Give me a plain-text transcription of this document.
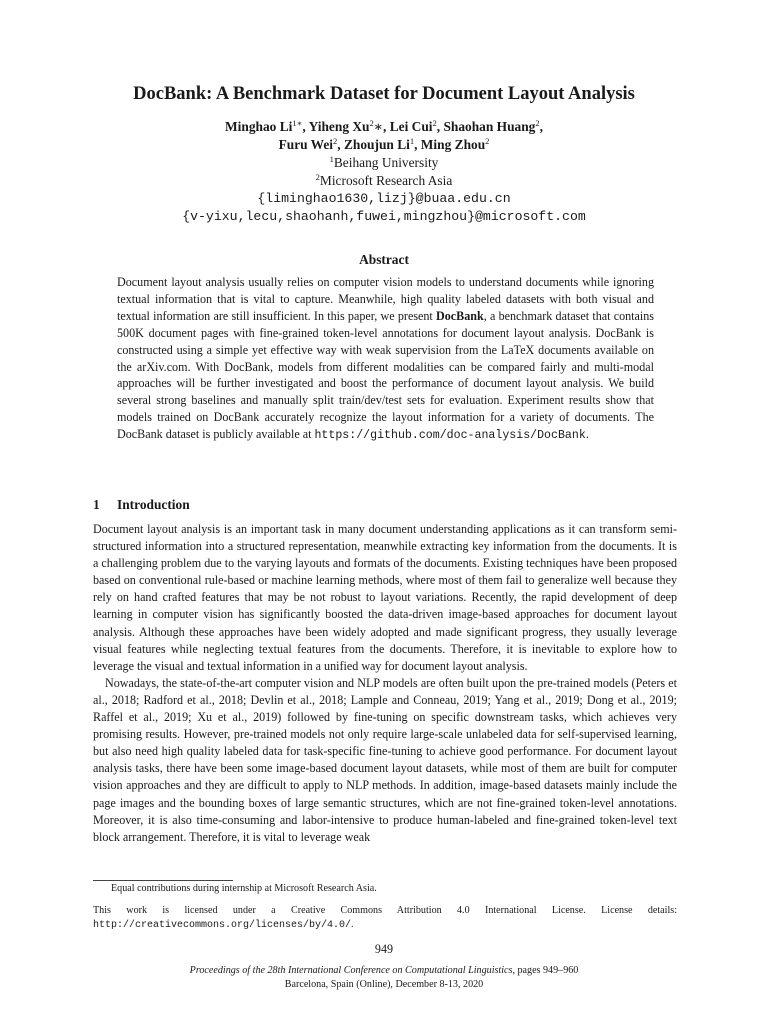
DocBank: A Benchmark Dataset for Document Layout Analysis
Minghao $Li^{1∗}$, Yiheng Xu$^2$∗, Lei Cui$^2$, Shaohan Huang$^2$,
Furu Wei$^2$, Zhoujun Li$^1$, Ming Zhou$^2$
$^1$Beihang University
$^2$Microsoft Research Asia
{liminghao1630,lizj}@buaa.edu.cn
{v-yixu,lecu,shaohanh,fuwei,mingzhou}@microsoft.com
Abstract
Document layout analysis usually relies on computer vision models to understand documents while ignoring textual information that is vital to capture. Meanwhile, high quality labeled datasets with both visual and textual information are still insufficient. In this paper, we present DocBank, a benchmark dataset that contains 500K document pages with fine-grained token-level annotations for document layout analysis. DocBank is constructed using a simple yet effective way with weak supervision from the LaTeX documents available on the arXiv.com. With DocBank, models from different modalities can be compared fairly and multi-modal approaches will be further investigated and boost the performance of document layout analysis. We build several strong baselines and manually split train/dev/test sets for evaluation. Experiment results show that models trained on DocBank accurately recognize the layout information for a variety of documents. The DocBank dataset is publicly available at https://github.com/doc-analysis/DocBank.
1 Introduction

Document layout analysis is an important task in many document understanding applications as it can transform semi-structured information into a structured representation, meanwhile extracting key information from the documents. It is a challenging problem due to the varying layouts and formats of the documents. Existing techniques have been proposed based on conventional rule-based or machine learning methods, where most of them fail to generalize well because they rely on hand crafted features that may be not robust to layout variations. Recently, the rapid development of deep learning in computer vision has significantly boosted the data-driven image-based approaches for document layout analysis. Although these approaches have been widely adopted and made significant progress, they usually leverage visual features while neglecting textual features from the documents. Therefore, it is inevitable to explore how to leverage the visual and textual information in a unified way for document layout analysis.

Nowadays, the state-of-the-art computer vision and NLP models are often built upon the pre-trained models (Peters et al., 2018; Radford et al., 2018; Devlin et al., 2018; Lample and Conneau, 2019; Yang et al., 2019; Dong et al., 2019; Raffel et al., 2019; Xu et al., 2019) followed by fine-tuning on specific downstream tasks, which achieves very promising results. However, pre-trained models not only require large-scale unlabeled data for self-supervised learning, but also need high quality labeled data for task-specific fine-tuning to achieve good performance. For document layout analysis tasks, there have been some image-based document layout datasets, while most of them are built for computer vision approaches and they are difficult to apply to NLP methods. In addition, image-based datasets mainly include the page images and the bounding boxes of large semantic structures, which are not fine-grained token-level annotations. Moreover, it is also time-consuming and labor-intensive to produce human-labeled and fine-grained token-level text block arrangement. Therefore, it is vital to leverage weak

Equal contributions during internship at Microsoft Research Asia.
This work is licensed under a Creative Commons Attribution 4.0 International License. License details: http://creativecommons.org/licenses/by/4.0/.
949
Proceedings of the 28th International Conference on Computational Linguistics, pages 949–960
Barcelona, Spain (Online), December 8-13, 2020
